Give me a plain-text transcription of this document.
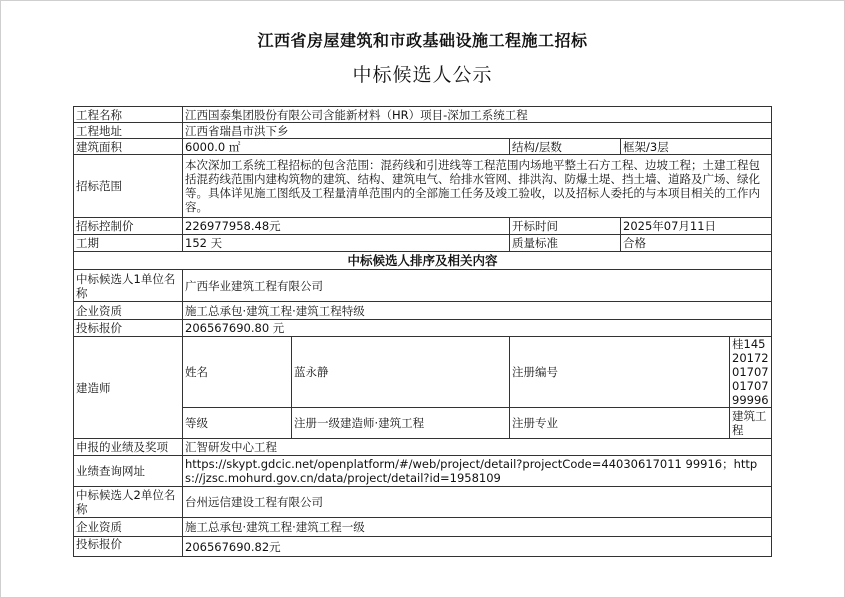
江西省房屋建筑和市政基础设施工程施工招标
中标候选人公示
工程名称	江西国泰集团股份有限公司含能新材料（HR）项目-深加工系统工程				
工程地址	江西省瑞昌市洪下乡				
建筑面积	6000.0 ㎡		结构/层数	框架/3层	
招标范围	本次深加工系统工程招标的包含范围：混药线和引进线等工程范围内场地平整土石方工程、边坡工程；土建工程包括混药线范围内建构筑物的建筑、结构、建筑电气、给排水管网、排洪沟、防爆土堤、挡土墙、道路及广场、绿化等。具体详见施工图纸及工程量清单范围内的全部施工任务及竣工验收，以及招标人委托的与本项目相关的工作内容。				
招标控制价	226977958.48元		开标时间	2025年07月11日	
工期	152 天		质量标准	合格	
中标候选人排序及相关内容					
中标候选人1单位名称	广西华业建筑工程有限公司				
企业资质	施工总承包·建筑工程·建筑工程特级				
投标报价	206567690.80 元				
建造师	姓名	蓝永静	注册编号		桂14520172017070170799996
	等级	注册一级建造师·建筑工程	注册专业		建筑工程
申报的业绩及奖项	汇智研发中心工程				
业绩查询网址	https://skypt.gdcic.net/openplatform/#/web/project/detail?projectCode=44030617011 99916；https://jzsc.mohurd.gov.cn/data/project/detail?id=1958109				
中标候选人2单位名称	台州远信建设工程有限公司				
企业资质	施工总承包·建筑工程·建筑工程一级				
投标报价	206567690.82元				
